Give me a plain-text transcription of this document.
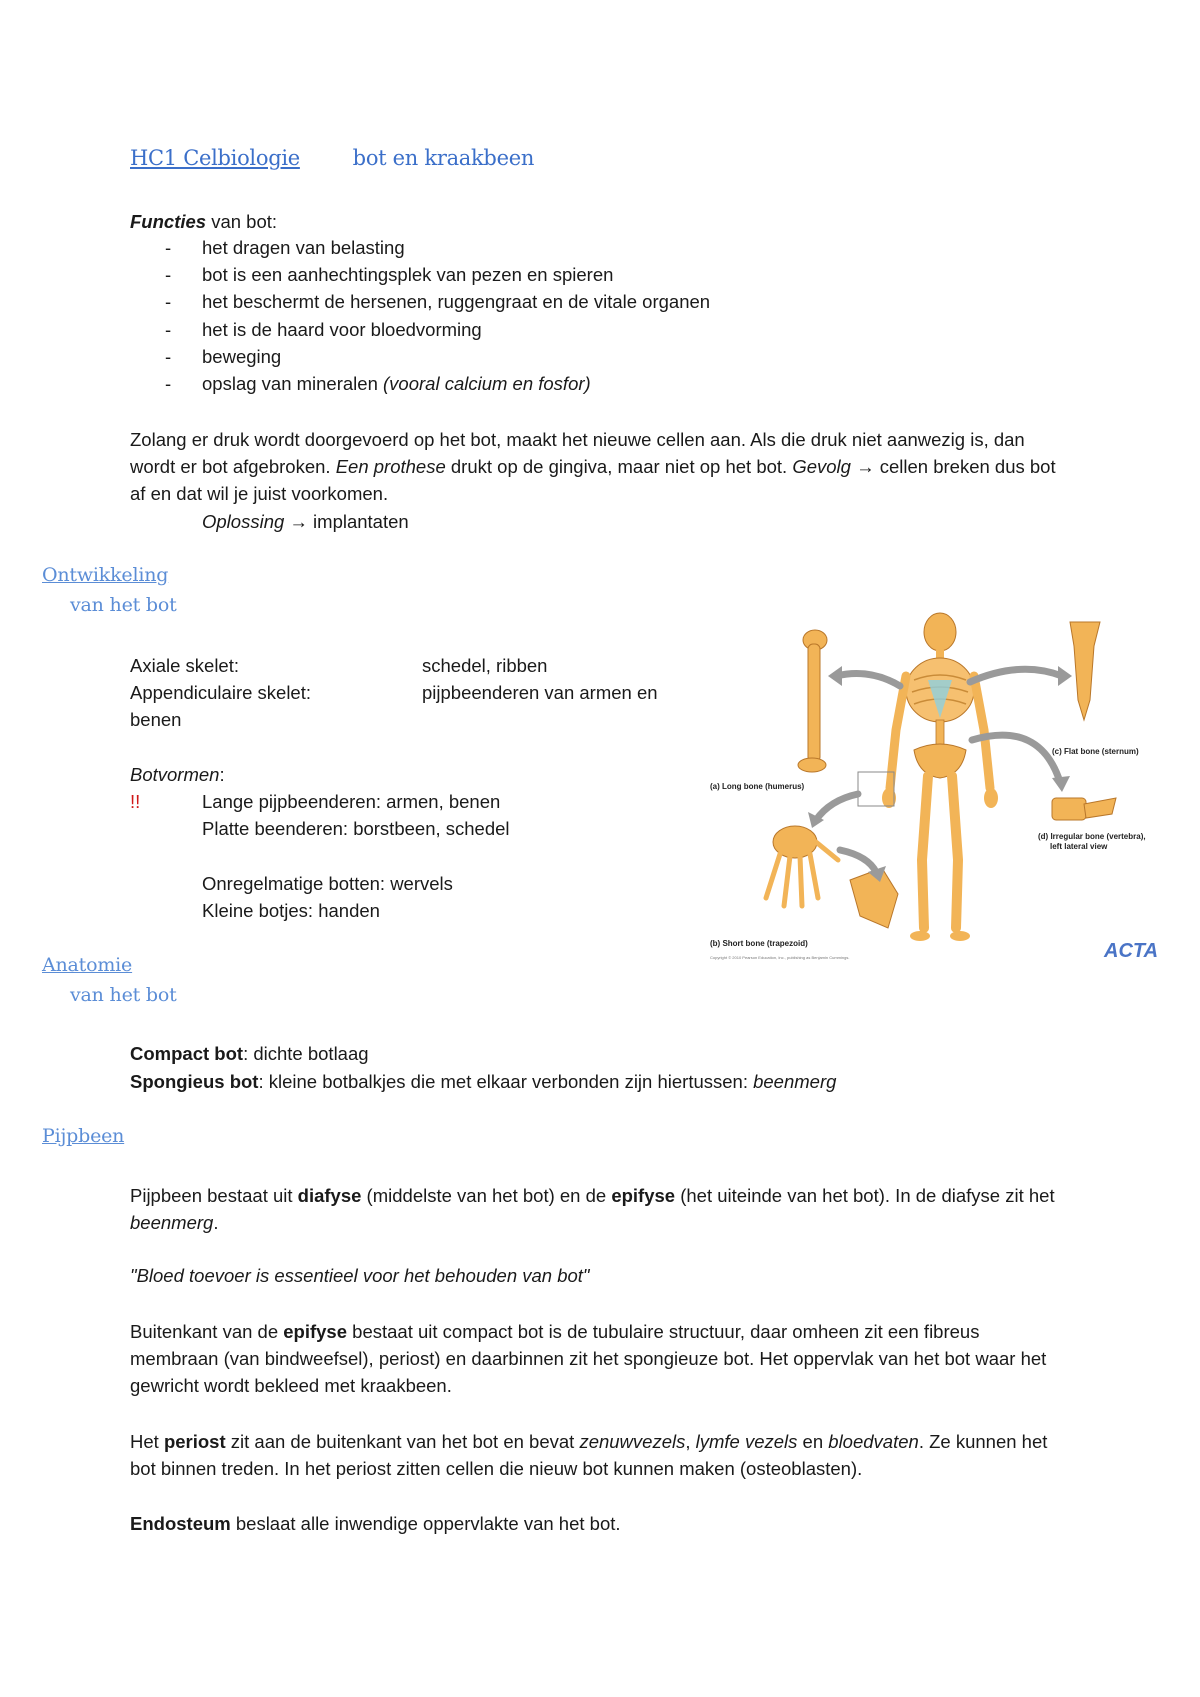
HC1 Celbiologie	bot en kraakbeen
Functies van bot:
- het dragen van belasting
- bot is een aanhechtingsplek van pezen en spieren
- het beschermt de hersenen, ruggengraat en de vitale organen
- het is de haard voor bloedvorming
- beweging
- opslag van mineralen (vooral calcium en fosfor)
Zolang er druk wordt doorgevoerd op het bot, maakt het nieuwe cellen aan. Als die druk niet aanwezig is, dan wordt er bot afgebroken. Een prothese drukt op de gingiva, maar niet op het bot. Gevolg → cellen breken dus bot af en dat wil je juist voorkomen.
Oplossing → implantaten
Ontwikkeling
van het bot
Axiale skelet:	schedel, ribben
Appendiculaire skelet:	pijpbeenderen van armen en
benen
Botvormen:
!!	Lange pijpbeenderen: armen, benen
Platte beenderen: borstbeen, schedel
Onregelmatige botten: wervels
Kleine botjes: handen
(a) Long bone (humerus)
(c) Flat bone (sternum)
(d) Irregular bone (vertebra),
left lateral view
(b) Short bone (trapezoid)
Copyright © 2010 Pearson Education, Inc., publishing as Benjamin Cummings.	ACTA
Anatomie
van het bot
Compact bot: dichte botlaag
Spongieus bot: kleine botbalkjes die met elkaar verbonden zijn hiertussen: beenmerg
Pijpbeen
Pijpbeen bestaat uit diafyse (middelste van het bot) en de epifyse (het uiteinde van het bot). In de diafyse zit het beenmerg.
"Bloed toevoer is essentieel voor het behouden van bot"
Buitenkant van de epifyse bestaat uit compact bot is de tubulaire structuur, daar omheen zit een fibreus membraan (van bindweefsel), periost) en daarbinnen zit het spongieuze bot. Het oppervlak van het bot waar het gewricht wordt bekleed met kraakbeen.
Het periost zit aan de buitenkant van het bot en bevat zenuwvezels, lymfe vezels en bloedvaten. Ze kunnen het bot binnen treden. In het periost zitten cellen die nieuw bot kunnen maken (osteoblasten).
Endosteum beslaat alle inwendige oppervlakte van het bot.
